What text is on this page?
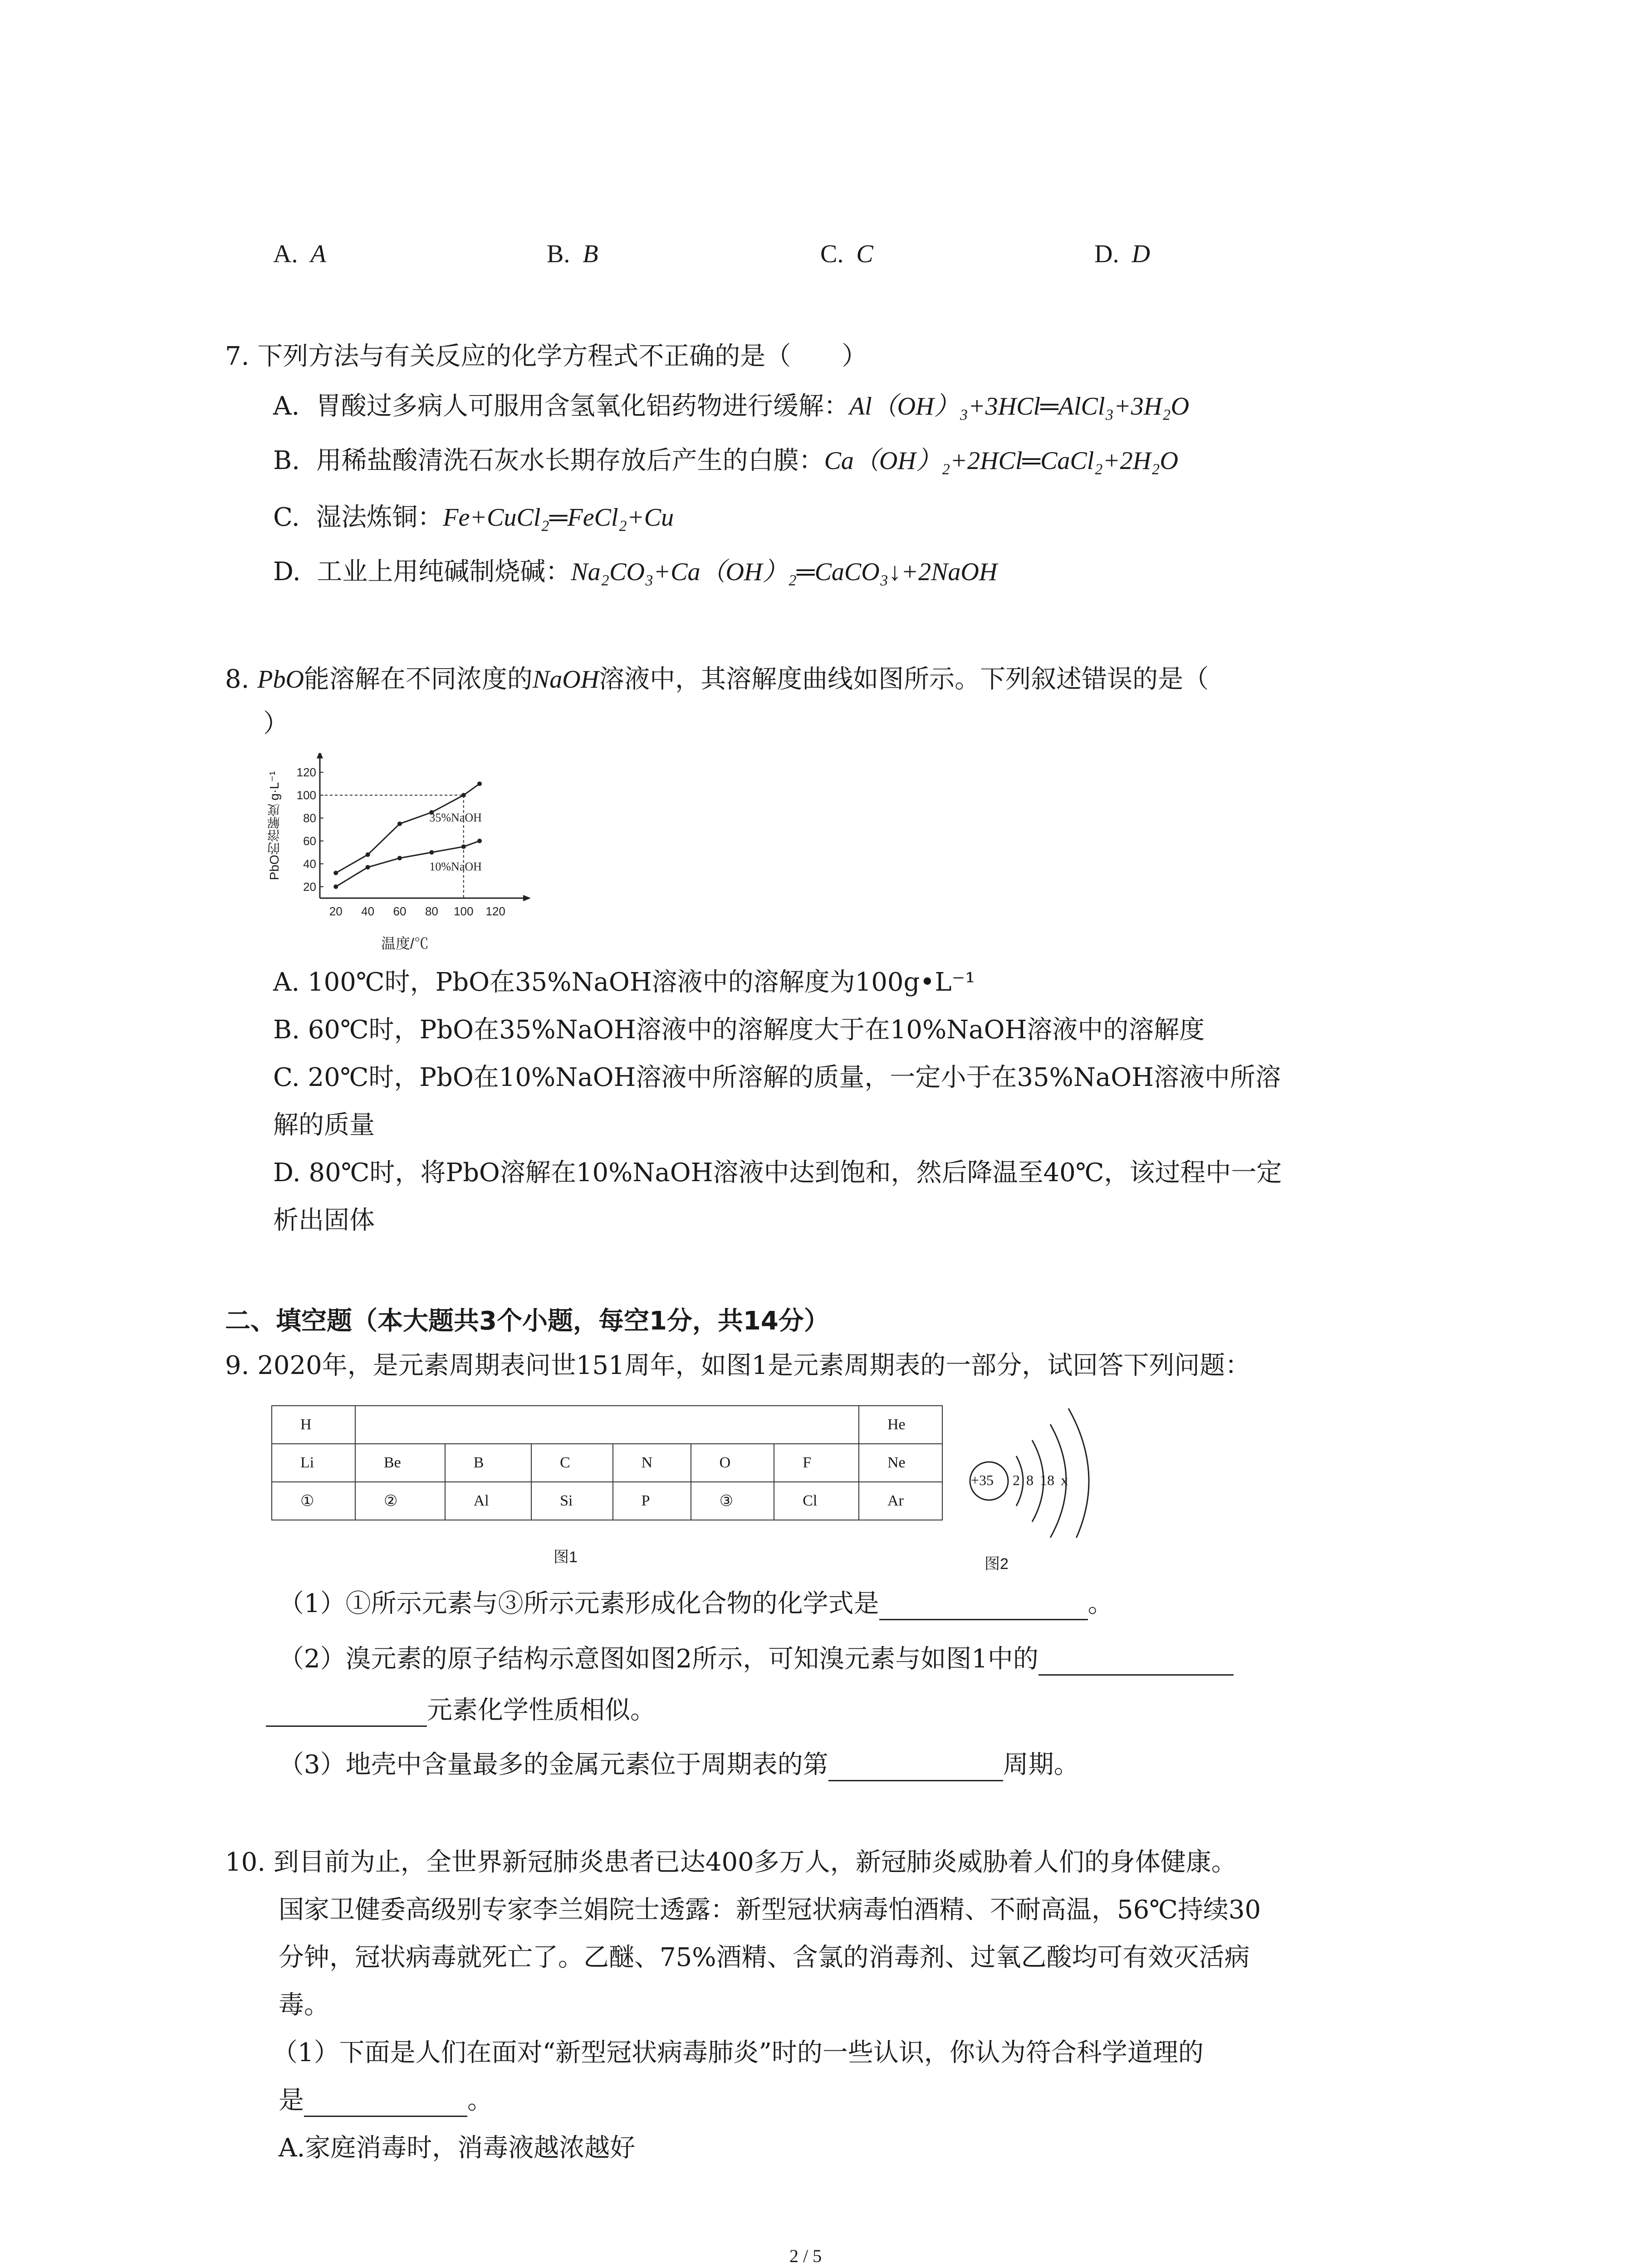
A. A	B. B	C. C	D. D
7. 下列方法与有关反应的化学方程式不正确的是（　　）
A. 胃酸过多病人可服用含氢氧化铝药物进行缓解：Al（OH）₃+3HCl═AlCl₃+3H₂O
B. 用稀盐酸清洗石灰水长期存放后产生的白膜：Ca（OH）₂+2HCl═CaCl₂+2H₂O
C. 湿法炼铜：Fe+CuCl₂═FeCl₂+Cu
D. 工业上用纯碱制烧碱：Na₂CO₃+Ca（OH）₂═CaCO₃↓+2NaOH
8. PbO能溶解在不同浓度的NaOH溶液中，其溶解度曲线如图所示。下列叙述错误的是（
）
20 40 60 80 100 120
20
40
60
80
100
120
35%NaOH
10%NaOH
PbO的溶解度 g·L⁻¹
温度/℃
A. 100℃时，PbO在35%NaOH溶液中的溶解度为100g•L⁻¹
B. 60℃时，PbO在35%NaOH溶液中的溶解度大于在10%NaOH溶液中的溶解度
C. 20℃时，PbO在10%NaOH溶液中所溶解的质量，一定小于在35%NaOH溶液中所溶
解的质量
D. 80℃时，将PbO溶解在10%NaOH溶液中达到饱和，然后降温至40℃，该过程中一定
析出固体
二、填空题（本大题共3个小题，每空1分，共14分）
9. 2020年，是元素周期表问世151周年，如图1是元素周期表的一部分，试回答下列问题：
H							He
Li	Be	B	C	N	O	F	Ne
①	②	Al	Si	P	③	Cl	Ar
图1
+35 2 8 18 x
图2
（1）①所示元素与③所示元素形成化合物的化学式是	。
（2）溴元素的原子结构示意图如图2所示，可知溴元素与如图1中的
元素化学性质相似。
（3）地壳中含量最多的金属元素位于周期表的第	周期。
10. 到目前为止，全世界新冠肺炎患者已达400多万人，新冠肺炎威胁着人们的身体健康。
国家卫健委高级别专家李兰娟院士透露：新型冠状病毒怕酒精、不耐高温，56℃持续30
分钟，冠状病毒就死亡了。乙醚、75%酒精、含氯的消毒剂、过氧乙酸均可有效灭活病
毒。
（1）下面是人们在面对“新型冠状病毒肺炎”时的一些认识，你认为符合科学道理的
是	。
A.家庭消毒时，消毒液越浓越好
2 / 5
